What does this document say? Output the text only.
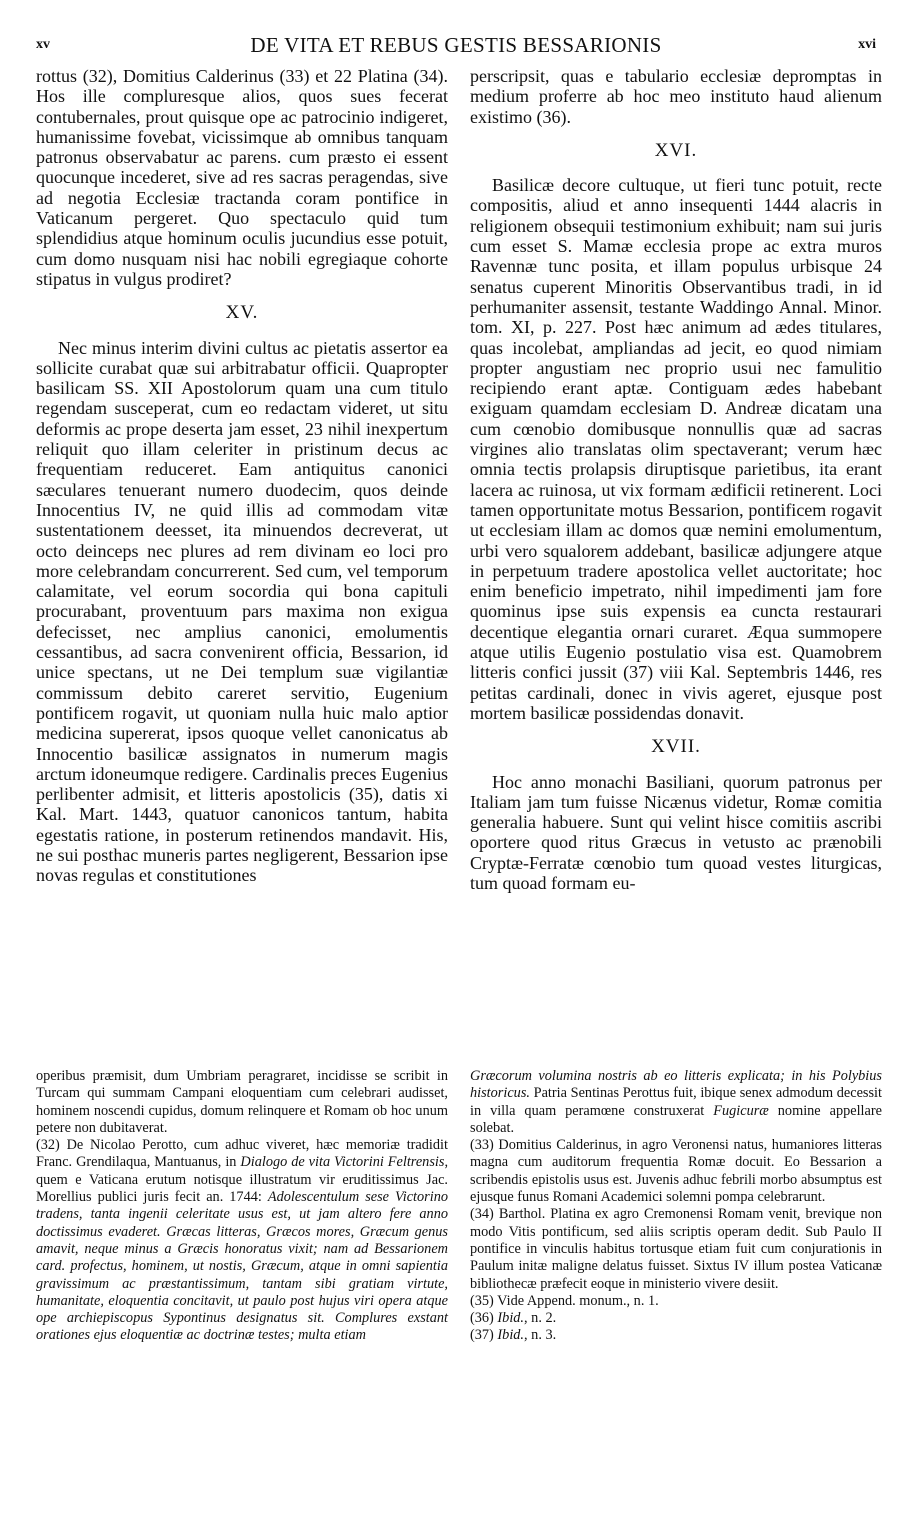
xv	DE VITA ET REBUS GESTIS BESSARIONIS	xvi

rottus (32), Domitius Calderinus (33) et 22 Platina (34). Hos ille compluresque alios, quos sues fecerat contubernales, prout quisque ope ac patrocinio indigeret, humanissime fovebat, vicissimque ab omnibus tanquam patronus observabatur ac parens. cum præsto ei essent quocunque incederet, sive ad res sacras peragendas, sive ad negotia Ecclesiæ tractanda coram pontifice in Vaticanum pergeret. Quo spectaculo quid tum splendidius atque hominum oculis jucundius esse potuit, cum domo nusquam nisi hac nobili egregiaque cohorte stipatus in vulgus prodiret?

XV.

Nec minus interim divini cultus ac pietatis assertor ea sollicite curabat quæ sui arbitrabatur officii. Quapropter basilicam SS. XII Apostolorum quam una cum titulo regendam susceperat, cum eo redactam videret, ut situ deformis ac prope deserta jam esset, 23 nihil inexpertum reliquit quo illam celeriter in pristinum decus ac frequentiam reduceret. Eam antiquitus canonici sæculares tenuerant numero duodecim, quos deinde Innocentius IV, ne quid illis ad commodam vitæ sustentationem deesset, ita minuendos decreverat, ut octo deinceps nec plures ad rem divinam eo loci pro more celebrandam concurrerent. Sed cum, vel temporum calamitate, vel eorum socordia qui bona capituli procurabant, proventuum pars maxima non exigua defecisset, nec amplius canonici, emolumentis cessantibus, ad sacra convenirent officia, Bessarion, id unice spectans, ut ne Dei templum suæ vigilantiæ commissum debito careret servitio, Eugenium pontificem rogavit, ut quoniam nulla huic malo aptior medicina supererat, ipsos quoque vellet canonicatus ab Innocentio basilicæ assignatos in numerum magis arctum idoneumque redigere. Cardinalis preces Eugenius perlibenter admisit, et litteris apostolicis (35), datis xi Kal. Mart. 1443, quatuor canonicos tantum, habita egestatis ratione, in posterum retinendos mandavit. His, ne sui posthac muneris partes negligerent, Bessarion ipse novas regulas et constitutiones

perscripsit, quas e tabulario ecclesiæ depromptas in medium proferre ab hoc meo instituto haud alienum existimo (36).

XVI.

Basilicæ decore cultuque, ut fieri tunc potuit, recte compositis, aliud et anno insequenti 1444 alacris in religionem obsequii testimonium exhibuit; nam sui juris cum esset S. Mamæ ecclesia prope ac extra muros Ravennæ tunc posita, et illam populus urbisque 24 senatus cuperent Minoritis Observantibus tradi, in id perhumaniter assensit, testante Waddingo Annal. Minor. tom. XI, p. 227. Post hæc animum ad ædes titulares, quas incolebat, ampliandas ad jecit, eo quod nimiam propter angustiam nec proprio usui nec famulitio recipiendo erant aptæ. Contiguam ædes habebant exiguam quamdam ecclesiam D. Andreæ dicatam una cum cœnobio domibusque nonnullis quæ ad sacras virgines alio translatas olim spectaverant; verum hæc omnia tectis prolapsis diruptisque parietibus, ita erant lacera ac ruinosa, ut vix formam ædificii retinerent. Loci tamen opportunitate motus Bessarion, pontificem rogavit ut ecclesiam illam ac domos quæ nemini emolumentum, urbi vero squalorem addebant, basilicæ adjungere atque in perpetuum tradere apostolica vellet auctoritate; hoc enim beneficio impetrato, nihil impedimenti jam fore quominus ipse suis expensis ea cuncta restaurari decentique elegantia ornari curaret. Æqua summopere atque utilis Eugenio postulatio visa est. Quamobrem litteris confici jussit (37) viii Kal. Septembris 1446, res petitas cardinali, donec in vivis ageret, ejusque post mortem basilicæ possidendas donavit.

XVII.

Hoc anno monachi Basiliani, quorum patronus per Italiam jam tum fuisse Nicænus videtur, Romæ comitia generalia habuere. Sunt qui velint hisce comitiis ascribi oportere quod ritus Græcus in vetusto ac prænobili Cryptæ-Ferratæ cœnobio tum quoad vestes liturgicas, tum quoad formam eu-

operibus præmisit, dum Umbriam peragraret, incidisse se scribit in Turcam qui summam Campani eloquentiam cum celebrari audisset, hominem noscendi cupidus, domum relinquere et Romam ob hoc unum petere non dubitaverat.

(32) De Nicolao Perotto, cum adhuc viveret, hæc memoriæ tradidit Franc. Grendilaqua, Mantuanus, in Dialogo de vita Victorini Feltrensis, quem e Vaticana erutum notisque illustratum vir eruditissimus Jac. Morellius publici juris fecit an. 1744: Adolescentulum sese Victorino tradens, tanta ingenii celeritate usus est, ut jam altero fere anno doctissimus evaderet. Græcas litteras, Græcos mores, Græcum genus amavit, neque minus a Græcis honoratus vixit; nam ad Bessarionem card. profectus, hominem, ut nostis, Græcum, atque in omni sapientia gravissimum ac præstantissimum, tantam sibi gratiam virtute, humanitate, eloquentia concitavit, ut paulo post hujus viri opera atque ope archiepiscopus Sypontinus designatus sit. Complures exstant orationes ejus eloquentiæ ac doctrinæ testes; multa etiam

Græcorum volumina nostris ab eo litteris explicata; in his Polybius historicus. Patria Sentinas Perottus fuit, ibique senex admodum decessit in villa quam peramœne construxerat Fugicuræ nomine appellare solebat.

(33) Domitius Calderinus, in agro Veronensi natus, humaniores litteras magna cum auditorum frequentia Romæ docuit. Eo Bessarion a scribendis epistolis usus est. Juvenis adhuc febrili morbo absumptus est ejusque funus Romani Academici solemni pompa celebrarunt.

(34) Barthol. Platina ex agro Cremonensi Romam venit, brevique non modo Vitis pontificum, sed aliis scriptis operam dedit. Sub Paulo II pontifice in vinculis habitus tortusque etiam fuit cum conjurationis in Paulum initæ maligne delatus fuisset. Sixtus IV illum postea Vaticanæ bibliothecæ præfecit eoque in ministerio vivere desiit.

(35) Vide Append. monum., n. 1.

(36) Ibid., n. 2.

(37) Ibid., n. 3.
